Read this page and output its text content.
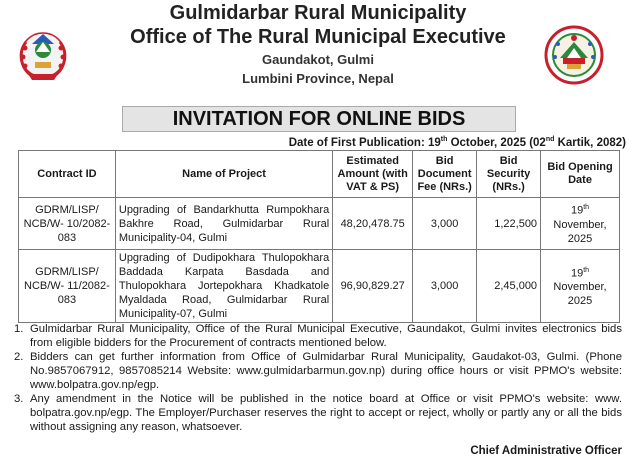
Gulmidarbar Rural Municipality
Office of The Rural Municipal Executive
Gaundakot, Gulmi
Lumbini Province, Nepal
INVITATION FOR ONLINE BIDS
Date of First Publication: 19th October, 2025 (02nd Kartik, 2082)
Contract ID	Name of Project	Estimated Amount (with VAT & PS)	Bid Document Fee (NRs.)	Bid Security (NRs.)	Bid Opening Date
GDRM/LISP/ NCB/W- 10/2082-083	Upgrading of Bandarkhutta Rumpokhara Bakhre Road, Gulmidarbar Rural Municipality-04, Gulmi	48,20,478.75	3,000	1,22,500	19th
November, 2025
GDRM/LISP/ NCB/W- 11/2082-083	Upgrading of Dudipokhara Thulopokhara Baddada Karpata Basdada and Thulopokhara Jortepokhara Khadkatole Myaldada Road, Gulmidarbar Rural Municipality-07, Gulmi	96,90,829.27	3,000	2,45,000	19th
November, 2025
1. Gulmidarbar Rural Municipality, Office of the Rural Municipal Executive, Gaundakot, Gulmi invites electronics bids from eligible bidders for the Procurement of contracts mentioned below.
2. Bidders can get further information from Office of Gulmidarbar Rural Municipality, Gaudakot-03, Gulmi. (Phone No.9857067912, 9857085214 Website: www.gulmidarbarmun.gov.np) during office hours or visit PPMO's website: www.bolpatra.gov.np/egp.
3. Any amendment in the Notice will be published in the notice board at Office or visit PPMO's website: www. bolpatra.gov.np/egp. The Employer/Purchaser reserves the right to accept or reject, wholly or partly any or all the bids without assigning any reason, whatsoever.
Chief Administrative Officer
